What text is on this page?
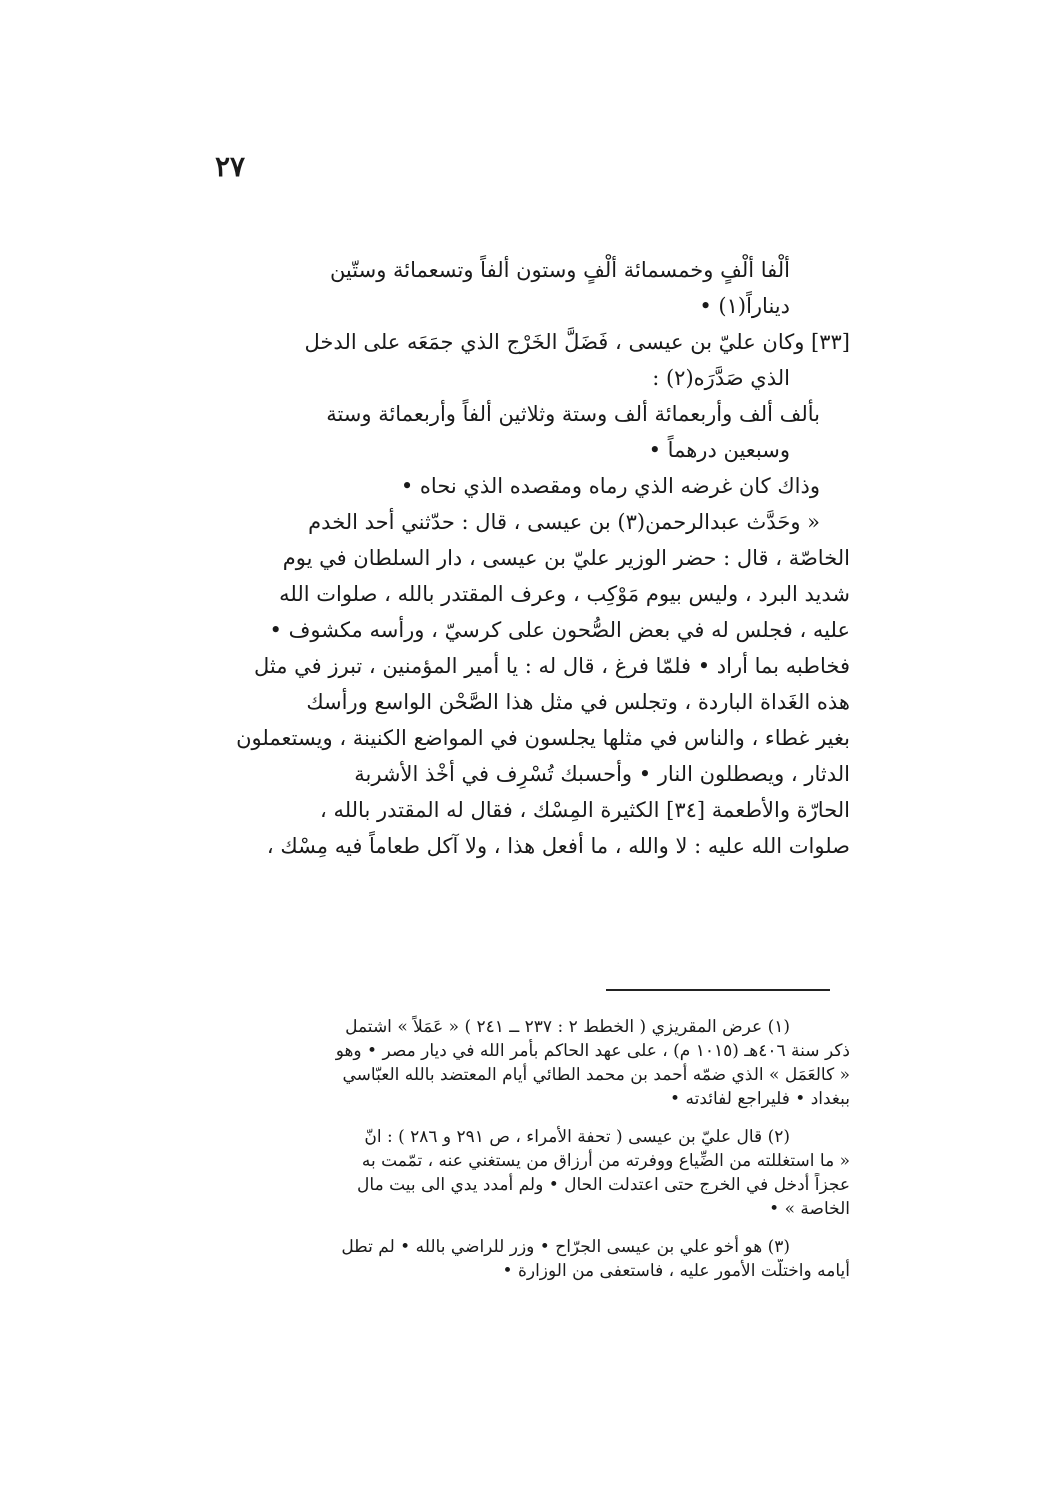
٢٧
ألْفا ألْفٍ وخمسمائة ألْفٍ وستون ألفاً وتسعمائة وستّين
ديناراً(١) •
[٣٣] وكان عليّ بن عيسى ، فَضَلَّ الخَرْج الذي جمَعَه على الدخل
الذي صَدَّرَه(٢) :
بألف ألف وأربعمائة ألف وستة وثلاثين ألفاً وأربعمائة وستة
وسبعين درهماً •
وذاك كان غرضه الذي رماه ومقصده الذي نحاه •
« وحَدَّث عبدالرحمن(٣) بن عيسى ، قال : حدّثني أحد الخدم
الخاصّة ، قال : حضر الوزير عليّ بن عيسى ، دار السلطان في يوم
شديد البرد ، وليس بيوم مَوْكِب ، وعرف المقتدر بالله ، صلوات الله
عليه ، فجلس له في بعض الصُّحون على كرسيّ ، ورأسه مكشوف •
فخاطبه بما أراد • فلمّا فرغ ، قال له : يا أمير المؤمنين ، تبرز في مثل
هذه الغَداة الباردة ، وتجلس في مثل هذا الصَّحْن الواسع ورأسك
بغير غطاء ، والناس في مثلها يجلسون في المواضع الكنينة ، ويستعملون
الدثار ، ويصطلون النار • وأحسبك تُسْرِف في أخْذ الأشربة
الحارّة والأطعمة [٣٤] الكثيرة المِسْك ، فقال له المقتدر بالله ،
صلوات الله عليه : لا والله ، ما أفعل هذا ، ولا آكل طعاماً فيه مِسْك ،
(١) عرض المقريزي ( الخطط ٢ : ٢٣٧ ــ ٢٤١ ) « عَمَلاً » اشتمل
ذكر سنة ٤٠٦هـ (١٠١٥ م) ، على عهد الحاكم بأمر الله في ديار مصر • وهو
« كالعَمَل » الذي ضمّه أحمد بن محمد الطائي أيام المعتضد بالله العبّاسي
ببغداد • فليراجع لفائدته •
(٢) قال عليّ بن عيسى ( تحفة الأمراء ، ص ٢٩١ و ٢٨٦ ) : انّ
« ما استغللته من الضِّياع ووفرته من أرزاق من يستغني عنه ، تمّمت به
عجزاً أدخل في الخرج حتى اعتدلت الحال • ولم أمدد يدي الى بيت مال
الخاصة » •
(٣) هو أخو علي بن عيسى الجرّاح • وزر للراضي بالله • لم تطل
أيامه واختلّت الأمور عليه ، فاستعفى من الوزارة •
